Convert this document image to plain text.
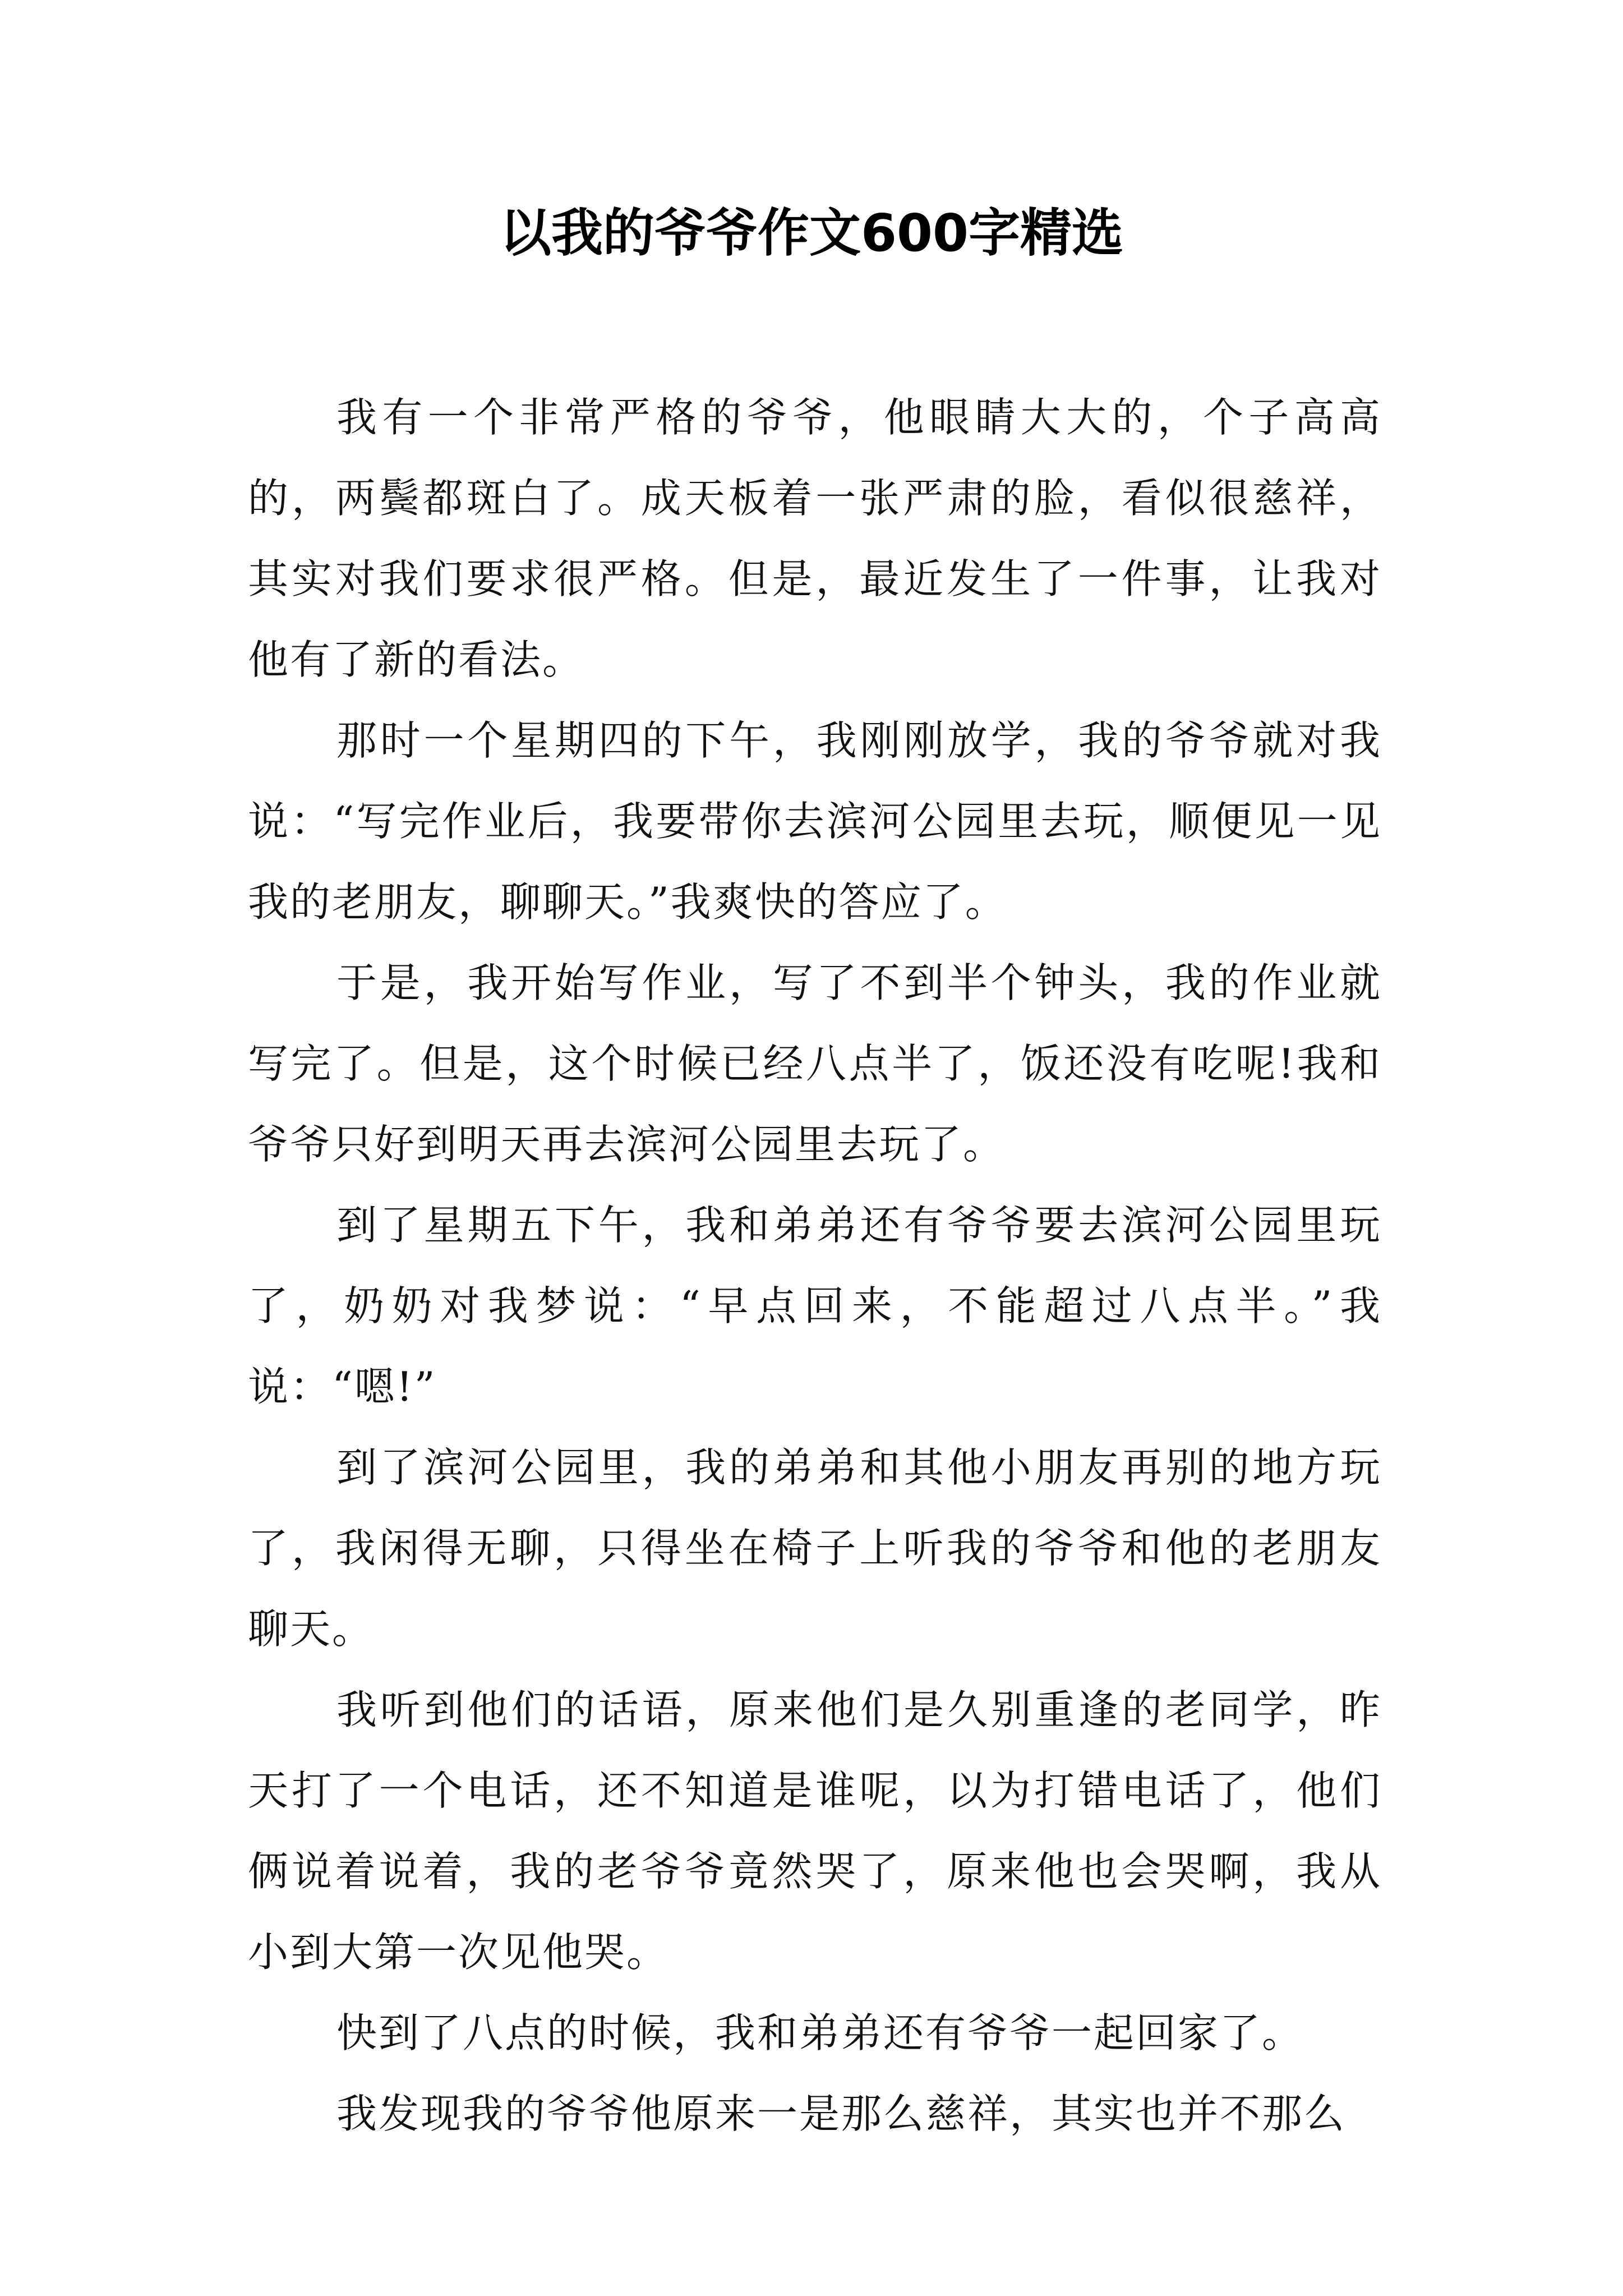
以我的爷爷作文600字精选

我有一个非常严格的爷爷，他眼睛大大的，个子高高的，两鬓都斑白了。成天板着一张严肃的脸，看似很慈祥，其实对我们要求很严格。但是，最近发生了一件事，让我对他有了新的看法。

那时一个星期四的下午，我刚刚放学，我的爷爷就对我说：“写完作业后，我要带你去滨河公园里去玩，顺便见一见我的老朋友，聊聊天。”我爽快的答应了。

于是，我开始写作业，写了不到半个钟头，我的作业就写完了。但是，这个时候已经八点半了，饭还没有吃呢!我和爷爷只好到明天再去滨河公园里去玩了。

到了星期五下午，我和弟弟还有爷爷要去滨河公园里玩了，奶奶对我梦说：“早点回来，不能超过八点半。”我说：“嗯!”

到了滨河公园里，我的弟弟和其他小朋友再别的地方玩了，我闲得无聊，只得坐在椅子上听我的爷爷和他的老朋友聊天。

我听到他们的话语，原来他们是久别重逢的老同学，昨天打了一个电话，还不知道是谁呢，以为打错电话了，他们俩说着说着，我的老爷爷竟然哭了，原来他也会哭啊，我从小到大第一次见他哭。

快到了八点的时候，我和弟弟还有爷爷一起回家了。

我发现我的爷爷他原来一是那么慈祥，其实也并不那么
